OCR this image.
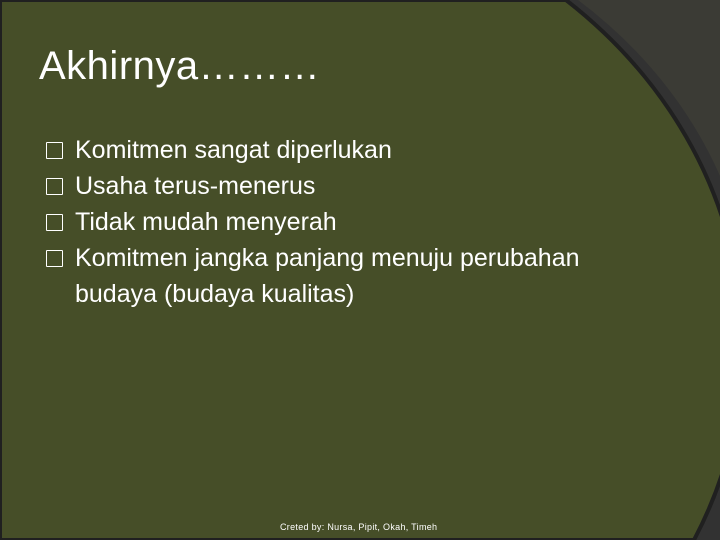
Akhirnya………
Komitmen sangat diperlukan
Usaha terus-menerus
Tidak mudah menyerah
Komitmen jangka panjang menuju perubahan budaya (budaya kualitas)
Creted by: Nursa, Pipit, Okah, Timeh
